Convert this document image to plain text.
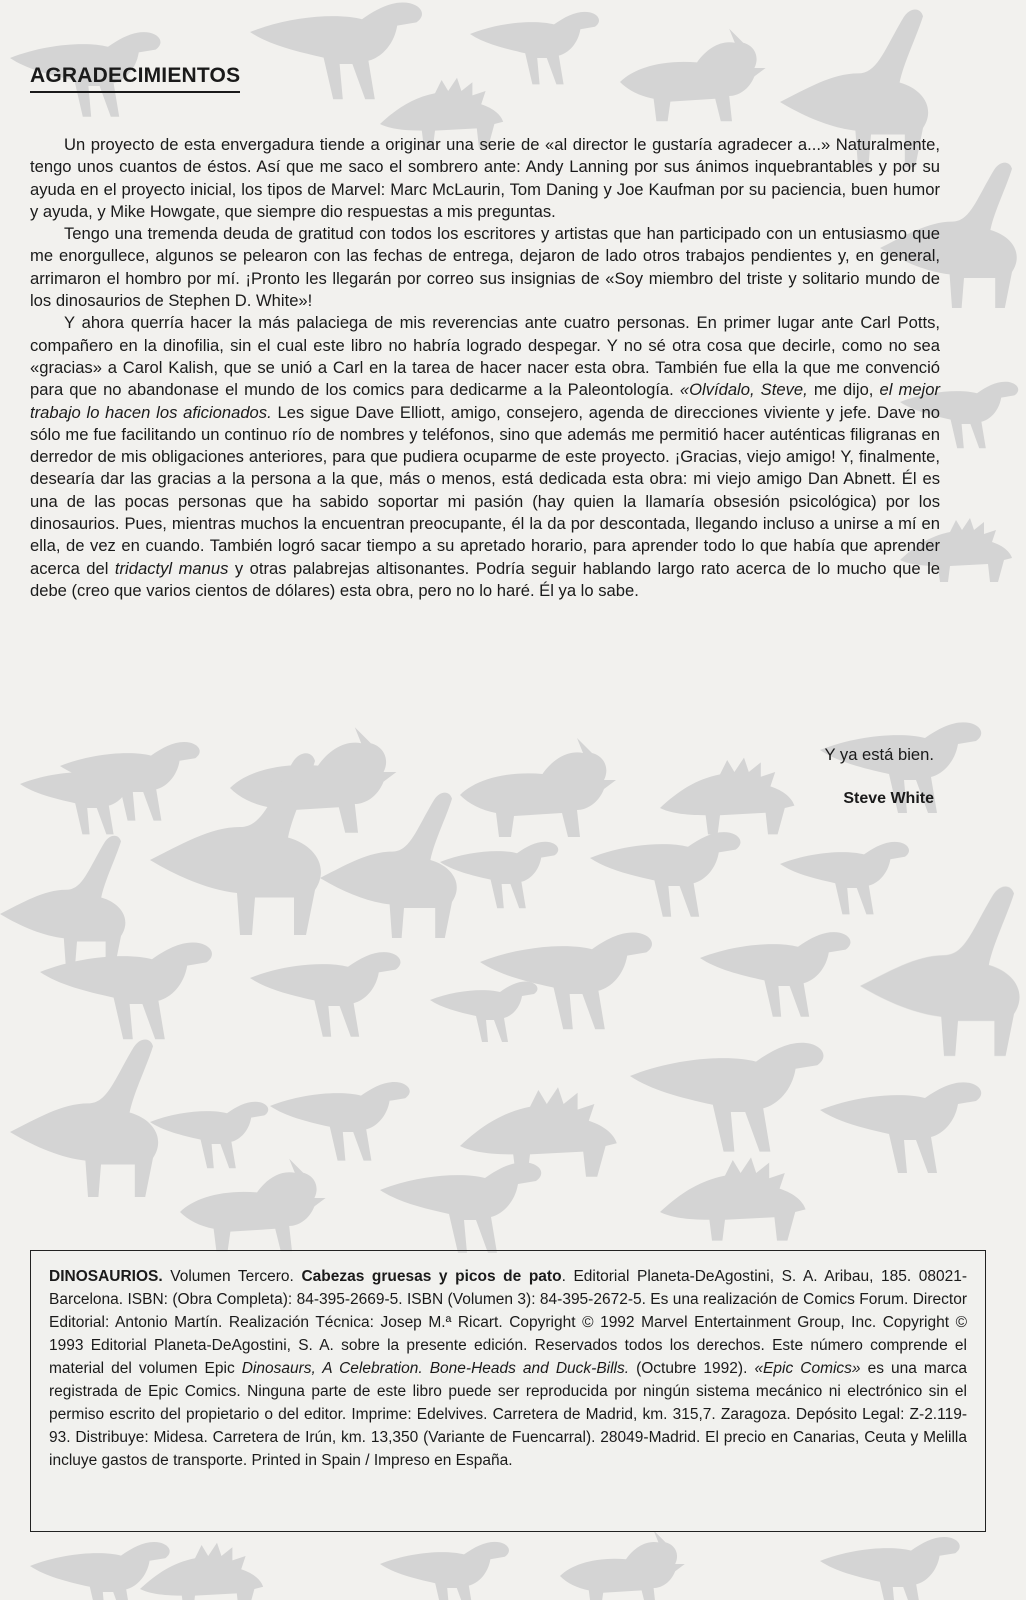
AGRADECIMIENTOS

Un proyecto de esta envergadura tiende a originar una serie de «al director le gustaría agradecer a...» Naturalmente, tengo unos cuantos de éstos. Así que me saco el sombrero ante: Andy Lanning por sus ánimos inquebrantables y por su ayuda en el proyecto inicial, los tipos de Marvel: Marc McLaurin, Tom Daning y Joe Kaufman por su paciencia, buen humor y ayuda, y Mike Howgate, que siempre dio respuestas a mis preguntas.

Tengo una tremenda deuda de gratitud con todos los escritores y artistas que han participado con un entusiasmo que me enorgullece, algunos se pelearon con las fechas de entrega, dejaron de lado otros trabajos pendientes y, en general, arrimaron el hombro por mí. ¡Pronto les llegarán por correo sus insignias de «Soy miembro del triste y solitario mundo de los dinosaurios de Stephen D. White»!

Y ahora querría hacer la más palaciega de mis reverencias ante cuatro personas. En primer lugar ante Carl Potts, compañero en la dinofilia, sin el cual este libro no habría logrado despegar. Y no sé otra cosa que decirle, como no sea «gracias» a Carol Kalish, que se unió a Carl en la tarea de hacer nacer esta obra. También fue ella la que me convenció para que no abandonase el mundo de los comics para dedicarme a la Paleontología. «Olvídalo, Steve, me dijo, el mejor trabajo lo hacen los aficionados. Les sigue Dave Elliott, amigo, consejero, agenda de direcciones viviente y jefe. Dave no sólo me fue facilitando un continuo río de nombres y teléfonos, sino que además me permitió hacer auténticas filigranas en derredor de mis obligaciones anteriores, para que pudiera ocuparme de este proyecto. ¡Gracias, viejo amigo! Y, finalmente, desearía dar las gracias a la persona a la que, más o menos, está dedicada esta obra: mi viejo amigo Dan Abnett. Él es una de las pocas personas que ha sabido soportar mi pasión (hay quien la llamaría obsesión psicológica) por los dinosaurios. Pues, mientras muchos la encuentran preocupante, él la da por descontada, llegando incluso a unirse a mí en ella, de vez en cuando. También logró sacar tiempo a su apretado horario, para aprender todo lo que había que aprender acerca del tridactyl manus y otras palabrejas altisonantes. Podría seguir hablando largo rato acerca de lo mucho que le debe (creo que varios cientos de dólares) esta obra, pero no lo haré. Él ya lo sabe.

Y ya está bien.
Steve White
DINOSAURIOS. Volumen Tercero. Cabezas gruesas y picos de pato. Editorial Planeta-DeAgostini, S. A. Aribau, 185. 08021-Barcelona. ISBN: (Obra Completa): 84-395-2669-5. ISBN (Volumen 3): 84-395-2672-5. Es una realización de Comics Forum. Director Editorial: Antonio Martín. Realización Técnica: Josep M.ª Ricart. Copyright © 1992 Marvel Entertainment Group, Inc. Copyright © 1993 Editorial Planeta-DeAgostini, S. A. sobre la presente edición. Reservados todos los derechos. Este número comprende el material del volumen Epic Dinosaurs, A Celebration. Bone-Heads and Duck-Bills. (Octubre 1992). «Epic Comics» es una marca registrada de Epic Comics. Ninguna parte de este libro puede ser reproducida por ningún sistema mecánico ni electrónico sin el permiso escrito del propietario o del editor. Imprime: Edelvives. Carretera de Madrid, km. 315,7. Zaragoza. Depósito Legal: Z-2.119-93. Distribuye: Midesa. Carretera de Irún, km. 13,350 (Variante de Fuencarral). 28049-Madrid. El precio en Canarias, Ceuta y Melilla incluye gastos de transporte. Printed in Spain / Impreso en España.
